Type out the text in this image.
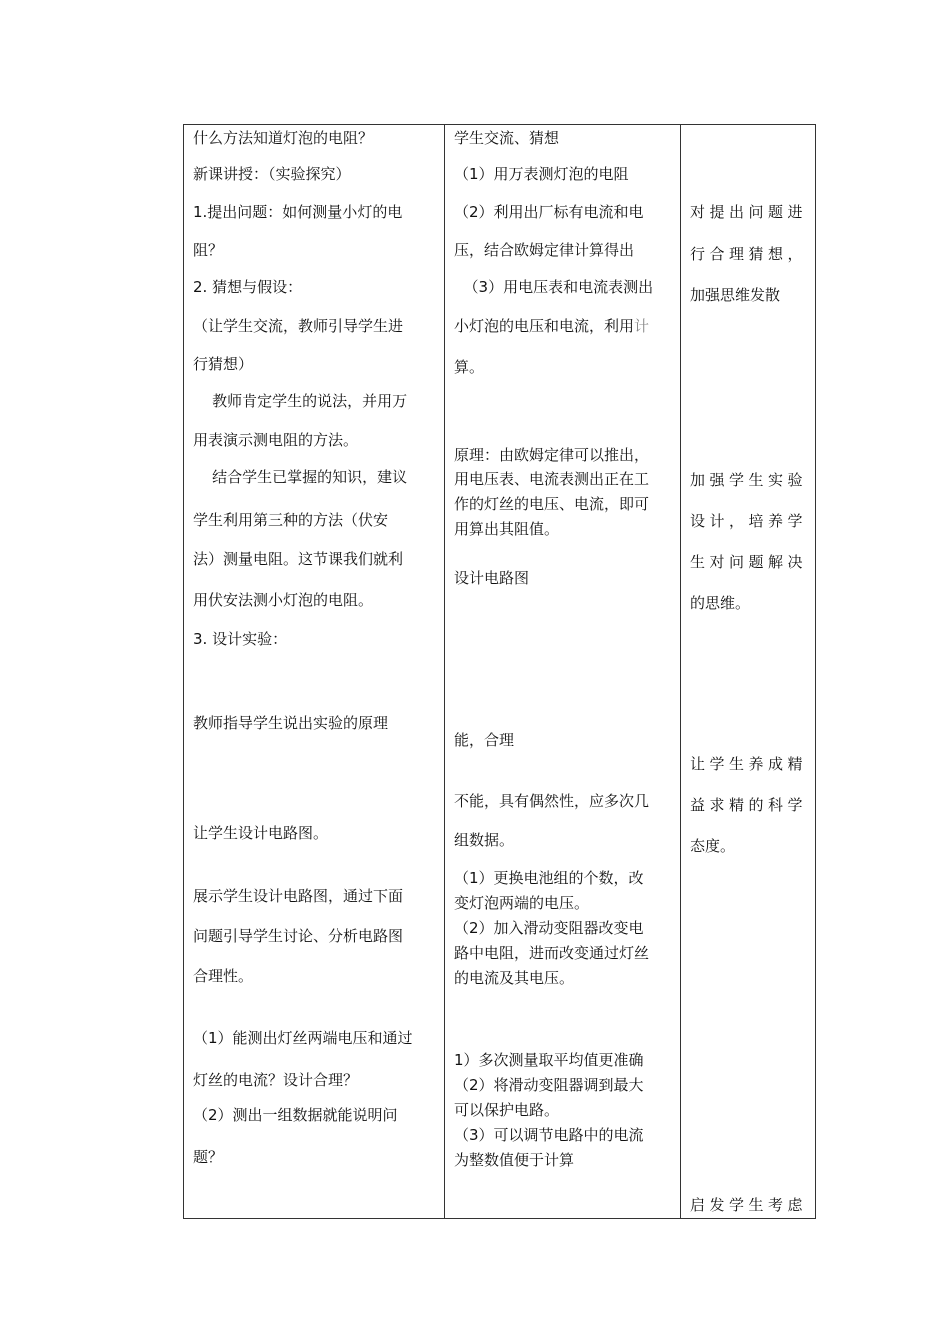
什么方法知道灯泡的电阻？
新课讲授：（实验探究）
1.提出问题：如何测量小灯的电
阻？
2. 猜想与假设：
（让学生交流，教师引导学生进
行猜想）
教师肯定学生的说法，并用万
用表演示测电阻的方法。
结合学生已掌握的知识，建议
学生利用第三种的方法（伏安
法）测量电阻。这节课我们就利
用伏安法测小灯泡的电阻。
3. 设计实验：
教师指导学生说出实验的原理
让学生设计电路图。
展示学生设计电路图，通过下面
问题引导学生讨论、分析电路图
合理性。
（1）能测出灯丝两端电压和通过
灯丝的电流？设计合理？
（2）测出一组数据就能说明问
题？
学生交流、猜想
（1）用万表测灯泡的电阻
（2）利用出厂标有电流和电
压，结合欧姆定律计算得出
（3）用电压表和电流表测出
小灯泡的电压和电流，利用计
算。
原理：由欧姆定律可以推出，
用电压表、电流表测出正在工
作的灯丝的电压、电流，即可
用算出其阻值。
设计电路图
能，合理
不能，具有偶然性，应多次几
组数据。
（1）更换电池组的个数，改
变灯泡两端的电压。
（2）加入滑动变阻器改变电
路中电阻，进而改变通过灯丝
的电流及其电压。
1）多次测量取平均值更准确
（2）将滑动变阻器调到最大
可以保护电路。
（3）可以调节电路中的电流
为整数值便于计算
对提出问题进
行合理猜想，
加强思维发散
加强学生实验
设计，培养学
生对问题解决
的思维。
让学生养成精
益求精的科学
态度。
启发学生考虑
